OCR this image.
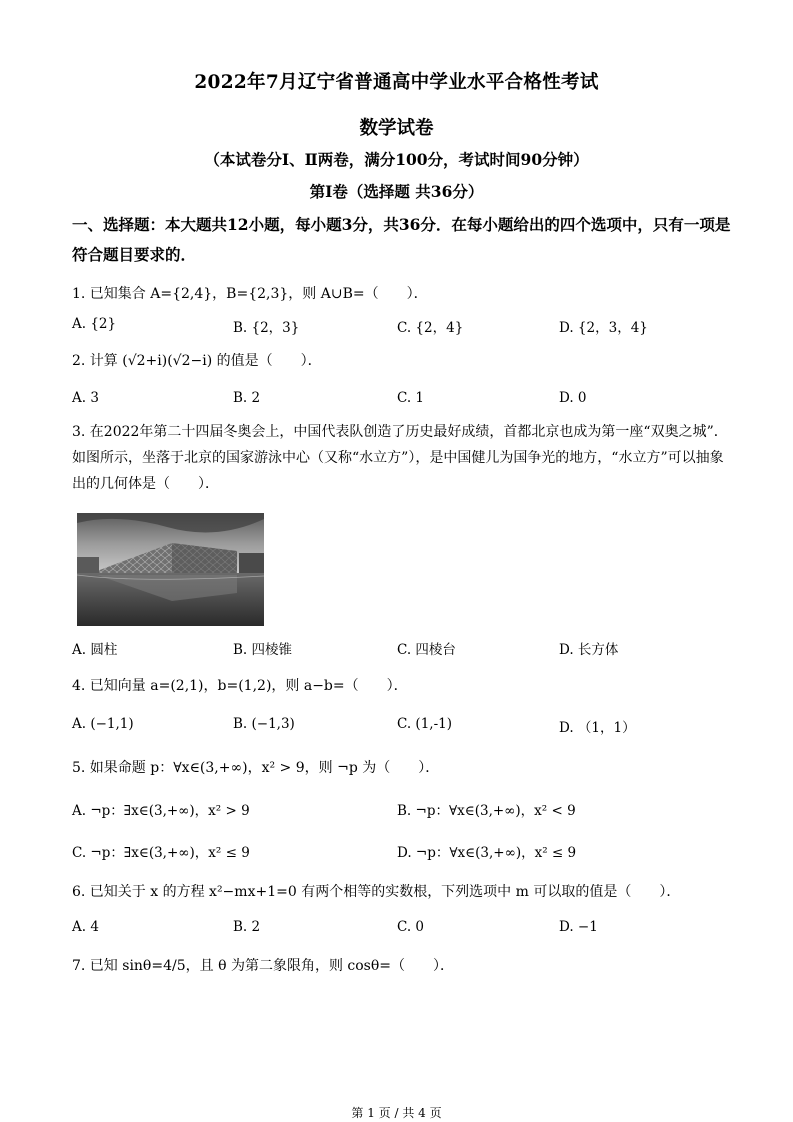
2022年7月辽宁省普通高中学业水平合格性考试
数学试卷
（本试卷分Ⅰ、Ⅱ两卷，满分100分，考试时间90分钟）
第Ⅰ卷（选择题 共36分）
一、选择题：本大题共12小题，每小题3分，共36分．在每小题给出的四个选项中，只有一项是符合题目要求的．
1. 已知集合 A={2,4}，B={2,3}，则 A∪B=（　　）．
A. {2}	B. {2，3}	C. {2，4}	D. {2，3，4}
2. 计算 (√2+i)(√2−i) 的值是（　　）．
A. 3	B. 2	C. 1	D. 0
3. 在2022年第二十四届冬奥会上，中国代表队创造了历史最好成绩，首都北京也成为第一座“双奥之城”．如图所示，坐落于北京的国家游泳中心（又称“水立方”），是中国健儿为国争光的地方，“水立方”可以抽象出的几何体是（　　）．
A. 圆柱	B. 四棱锥	C. 四棱台	D. 长方体
4. 已知向量 a=(2,1)，b=(1,2)，则 a−b=（　　）．
A. (−1,1)	B. (−1,3)	C. (1,-1)	D. （1，1）
5. 如果命题 p：∀x∈(3,+∞)，x² > 9，则 ¬p 为（　　）．
A. ¬p：∃x∈(3,+∞)，x² > 9	B. ¬p：∀x∈(3,+∞)，x² < 9
C. ¬p：∃x∈(3,+∞)，x² ≤ 9	D. ¬p：∀x∈(3,+∞)，x² ≤ 9
6. 已知关于 x 的方程 x²−mx+1=0 有两个相等的实数根，下列选项中 m 可以取的值是（　　）．
A. 4	B. 2	C. 0	D. −1
7. 已知 sinθ=4/5，且 θ 为第二象限角，则 cosθ=（　　）．
第 1 页 / 共 4 页
